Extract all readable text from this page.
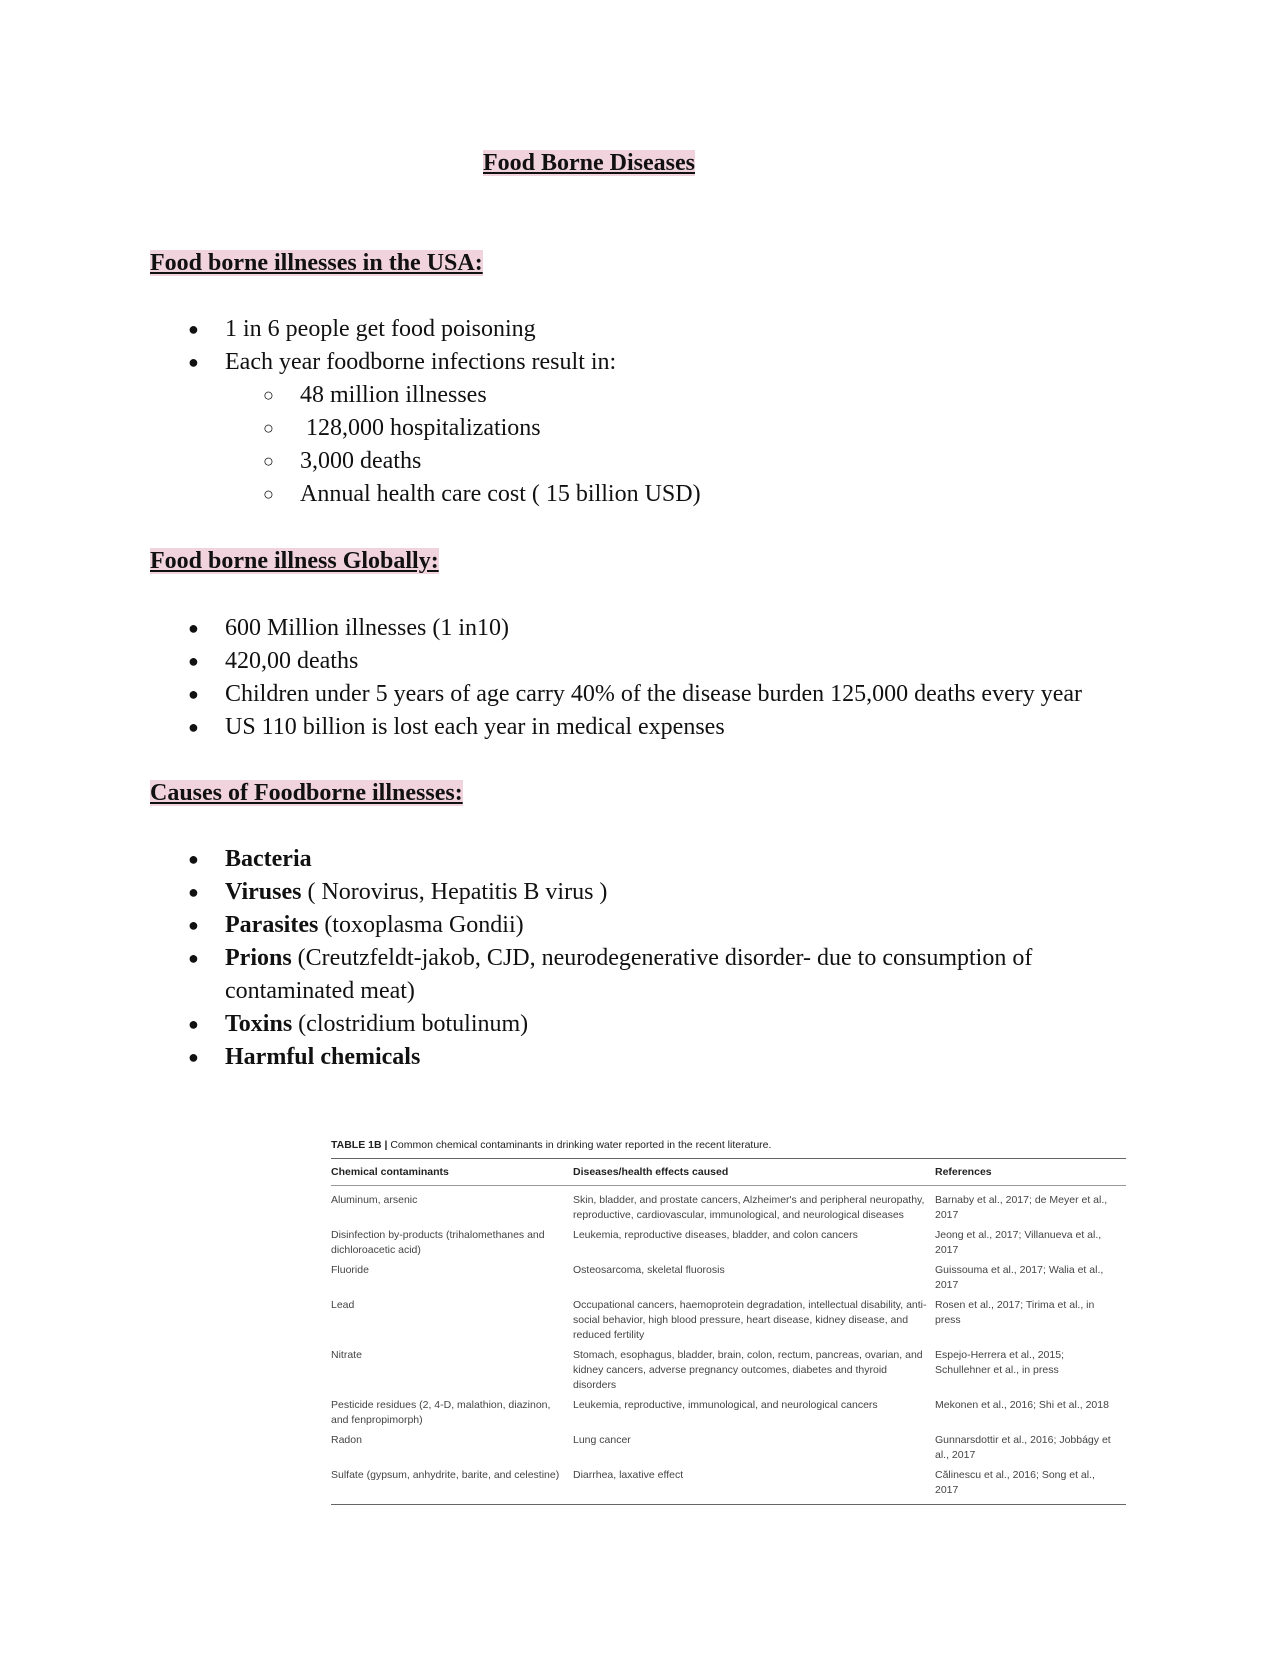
Food Borne Diseases
Food borne illnesses in the USA:
● 1 in 6 people get food poisoning
● Each year foodborne infections result in:
○ 48 million illnesses
○  128,000 hospitalizations
○ 3,000 deaths
○ Annual health care cost ( 15 billion USD)
Food borne illness Globally:
● 600 Million illnesses (1 in10)
● 420,00 deaths
● Children under 5 years of age carry 40% of the disease burden 125,000 deaths every year
● US 110 billion is lost each year in medical expenses
Causes of Foodborne illnesses:
● Bacteria
● Viruses ( Norovirus, Hepatitis B virus )
● Parasites (toxoplasma Gondii)
● Prions (Creutzfeldt-jakob, CJD, neurodegenerative disorder- due to consumption of contaminated meat)
● Toxins (clostridium botulinum)
● Harmful chemicals
TABLE 1B | Common chemical contaminants in drinking water reported in the recent literature.
Chemical contaminants	Diseases/health effects caused	References
Aluminum, arsenic	Skin, bladder, and prostate cancers, Alzheimer's and peripheral neuropathy, reproductive, cardiovascular, immunological, and neurological diseases	Barnaby et al., 2017; de Meyer et al., 2017
Disinfection by-products (trihalomethanes and dichloroacetic acid)	Leukemia, reproductive diseases, bladder, and colon cancers	Jeong et al., 2017; Villanueva et al., 2017
Fluoride	Osteosarcoma, skeletal fluorosis	Guissouma et al., 2017; Walia et al., 2017
Lead	Occupational cancers, haemoprotein degradation, intellectual disability, anti-social behavior, high blood pressure, heart disease, kidney disease, and reduced fertility	Rosen et al., 2017; Tirima et al., in press
Nitrate	Stomach, esophagus, bladder, brain, colon, rectum, pancreas, ovarian, and kidney cancers, adverse pregnancy outcomes, diabetes and thyroid disorders	Espejo-Herrera et al., 2015; Schullehner et al., in press
Pesticide residues (2, 4-D, malathion, diazinon, and fenpropimorph)	Leukemia, reproductive, immunological, and neurological cancers	Mekonen et al., 2016; Shi et al., 2018
Radon	Lung cancer	Gunnarsdottir et al., 2016; Jobbágy et al., 2017
Sulfate (gypsum, anhydrite, barite, and celestine)	Diarrhea, laxative effect	Călinescu et al., 2016; Song et al., 2017
